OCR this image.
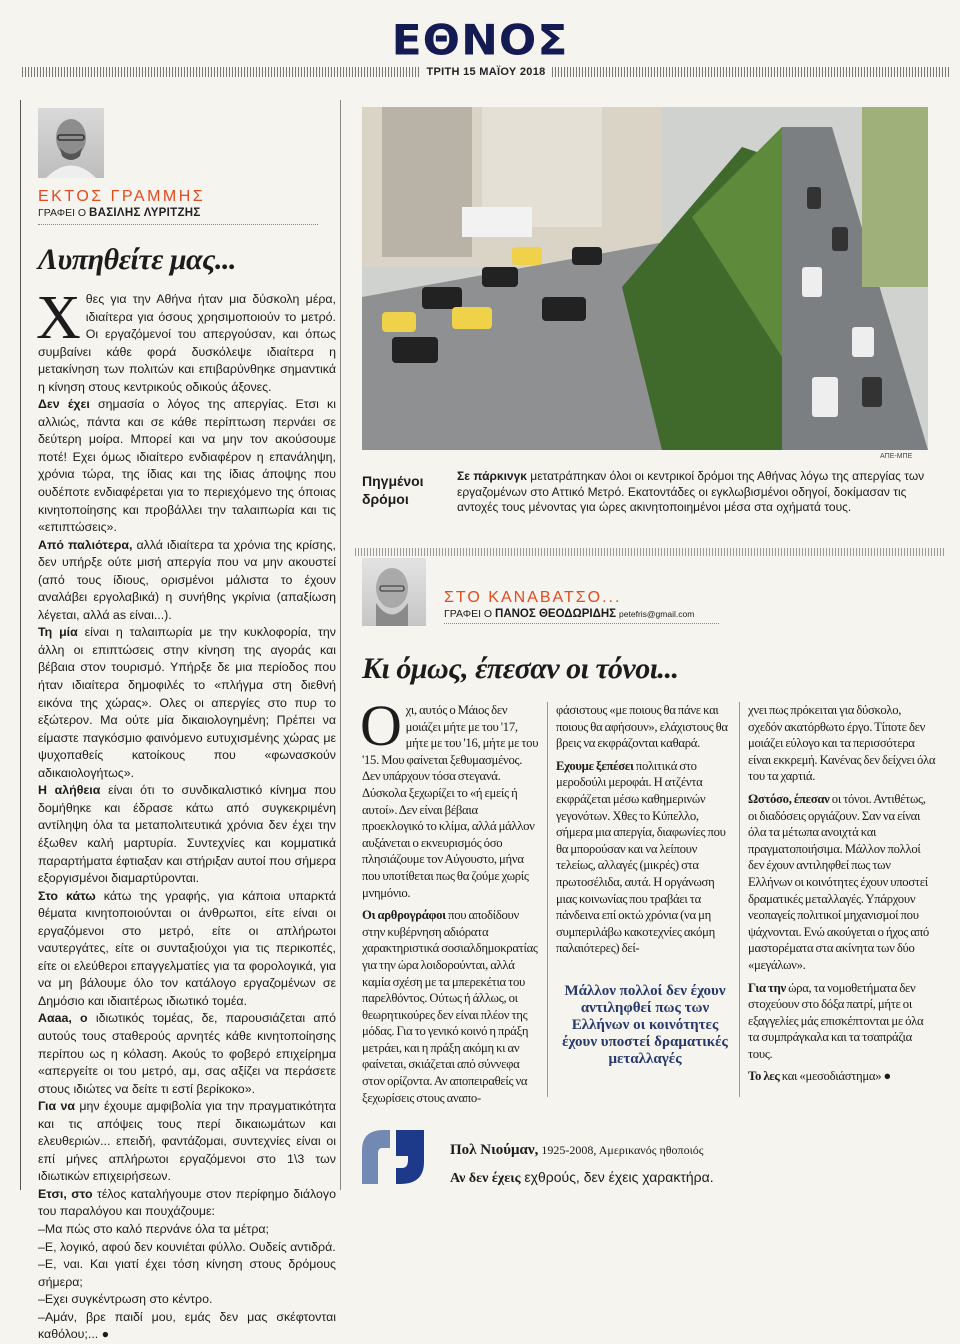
ΕΘΝΟΣ
ΤΡΙΤΗ 15 ΜΑΪΟΥ 2018
ΕΚΤΟΣ ΓΡΑΜΜΗΣ
ΓΡΑΦΕΙ Ο ΒΑΣΙΛΗΣ ΛΥΡΙΤΖΗΣ
Λυπηθείτε μας...

Χθες για την Αθήνα ήταν μια δύσκολη μέρα, ιδιαίτερα για όσους χρησιμοποιούν το μετρό. Οι εργαζόμενοί του απεργούσαν, και όπως συμβαίνει κάθε φορά δυσκόλεψε ιδιαίτερα η μετακίνηση των πολιτών και επιβαρύνθηκε σημαντικά η κίνηση στους κεντρικούς οδικούς άξονες.

Δεν έχει σημασία ο λόγος της απεργίας. Ετσι κι αλλιώς, πάντα και σε κάθε περίπτωση περνάει σε δεύτερη μοίρα. Μπορεί και να μην τον ακούσουμε ποτέ! Εχει όμως ιδιαίτερο ενδιαφέρον η επανάληψη, χρόνια τώρα, της ίδιας και της ίδιας άποψης που ουδέποτε ενδιαφέρεται για το περιεχόμενο της όποιας κινητοποίησης και προβάλλει την ταλαιπωρία και τις «επιπτώσεις».

Από παλιότερα, αλλά ιδιαίτερα τα χρόνια της κρίσης, δεν υπήρξε ούτε μισή απεργία που να μην ακουστεί (από τους ίδιους, ορισμένοι μάλιστα το έχουν αναλάβει εργολαβικά) η συνήθης γκρίνια (απαξίωση λέγεται, αλλά as είναι...).

Τη μία είναι η ταλαιπωρία με την κυκλοφορία, την άλλη οι επιπτώσεις στην κίνηση της αγοράς και βέβαια στον τουρισμό. Υπήρξε δε μια περίοδος που ήταν ιδιαίτερα δημοφιλές το «πλήγμα στη διεθνή εικόνα της χώρας». Ολες οι απεργίες στο πυρ το εξώτερον. Μα ούτε μία δικαιολογημένη; Πρέπει να είμαστε παγκόσμιο φαινόμενο ευτυχισμένης χώρας με ψυχοπαθείς κατοίκους που «φωνασκούν αδικαιολογήτως».

Η αλήθεια είναι ότι το συνδικαλιστικό κίνημα που δομήθηκε και έδρασε κάτω από συγκεκριμένη αντίληψη όλα τα μεταπολιτευτικά χρόνια δεν έχει την έξωθεν καλή μαρτυρία. Συντεχνίες και κομματικά παραρτήματα έφτιαξαν και στήριξαν αυτοί που σήμερα εξοργισμένοι διαμαρτύρονται.

Στο κάτω κάτω της γραφής, για κάποια υπαρκτά θέματα κινητοποιούνται οι άνθρωποι, είτε είναι οι εργαζόμενοι στο μετρό, είτε οι απλήρωτοι ναυτεργάτες, είτε οι συνταξιούχοι για τις περικοπές, είτε οι ελεύθεροι επαγγελματίες για τα φορολογικά, για να μη βάλουμε όλο τον κατάλογο εργαζομένων σε Δημόσιο και ιδιαιτέρως ιδιωτικό τομέα.

Ααaa, ο ιδιωτικός τομέας, δε, παρουσιάζεται από αυτούς τους σταθερούς αρνητές κάθε κινητοποίησης περίπου ως η κόλαση. Ακούς το φοβερό επιχείρημα «απεργείτε οι του μετρό, αμ, σας αξίζει να περάσετε στους ιδιώτες να δείτε τι εστί βερίκοκο».

Για να μην έχουμε αμφιβολία για την πραγματικότητα και τις απόψεις τους περί δικαιωμάτων και ελευθεριών... επειδή, φαντάζομαι, συντεχνίες είναι οι επί μήνες απλήρωτοι εργαζόμενοι στο 1\3 των ιδιωτικών επιχειρήσεων.

Ετσι, στο τέλος καταλήγουμε στον περίφημο διάλογο του παραλόγου και πουχάζουμε:

–Μα πώς στο καλό περνάνε όλα τα μέτρα;

–Ε, λογικό, αφού δεν κουνιέται φύλλο. Ουδείς αντιδρά.

–Ε, ναι. Και γιατί έχει τόση κίνηση στους δρόμους σήμερα;

–Εχει συγκέντρωση στο κέντρο.

–Αμάν, βρε παιδί μου, εμάς δεν μας σκέφτονται καθόλου;... ●

ΑΠΕ-ΜΠΕ
Πηγμένοι δρόμοι
Σε πάρκινγκ μετατράπηκαν όλοι οι κεντρικοί δρόμοι της Αθήνας λόγω της απεργίας των εργαζομένων στο Αττικό Μετρό. Εκατοντάδες οι εγκλωβισμένοι οδηγοί, δοκίμασαν τις αντοχές τους μένοντας για ώρες ακινητοποιημένοι μέσα στα οχήματά τους.
ΣΤΟ ΚΑΝΑΒΑΤΣΟ...
ΓΡΑΦΕΙ Ο ΠΑΝΟΣ ΘΕΟΔΩΡΙΔΗΣ petefris@gmail.com
Κι όμως, έπεσαν οι τόνοι...

Οχι, αυτός ο Μάιος δεν μοιάζει μήτε με του '17, μήτε με του '16, μήτε με του '15. Μου φαίνεται ξεθυμασμένος. Δεν υπάρχουν τόσα στεγανά. Δύσκολα ξεχωρίζει το «ή εμείς ή αυτοί». Δεν είναι βέβαια προεκλογικό το κλίμα, αλλά μάλλον αυξάνεται ο εκνευρισμός όσο πλησιάζουμε τον Αύγουστο, μήνα που υποτίθεται πως θα ζούμε χωρίς μνημόνιο.

Οι αρθρογράφοι που αποδίδουν στην κυβέρνηση αδιόρατα χαρακτηριστικά σοσιαλδημοκρατίας για την ώρα λοιδορούνται, αλλά καμία σχέση με τα μπερεκέτια του παρελθόντος. Ούτως ή άλλως, οι θεωρητικούρες δεν είναι πλέον της μόδας. Για το γενικό κοινό η πράξη μετράει, και η πράξη ακόμη κι αν φαίνεται, σκιάζεται από σύννεφα στον ορίζοντα. Αν αποπειραθείς να ξεχωρίσεις στους αναπο-

φάσιστους «με ποιους θα πάνε και ποιους θα αφήσουν», ελάχιστους θα βρεις να εκφράζονται καθαρά.

Εχουμε ξεπέσει πολιτικά στο μεροδούλι μεροφάι. Η ατζέντα εκφράζεται μέσω καθημερινών γεγονότων. Χθες το Κύπελλο, σήμερα μια απεργία, διαφωνίες που θα μπορούσαν και να λείπουν τελείως, αλλαγές (μικρές) στα πρωτοσέλιδα, αυτά. Η οργάνωση μιας κοινωνίας που τραβάει τα πάνδεινα επί οκτώ χρόνια (να μη συμπεριλάβω κακοτεχνίες ακόμη παλαιότερες) δεί-

Μάλλον πολλοί δεν έχουν αντιληφθεί πως των Ελλήνων οι κοινότητες έχουν υποστεί δραματικές μεταλλαγές

χνει πως πρόκειται για δύσκολο, σχεδόν ακατόρθωτο έργο. Τίποτε δεν μοιάζει εύλογο και τα περισσότερα είναι εκκρεμή. Κανένας δεν δείχνει όλα του τα χαρτιά.

Ωστόσο, έπεσαν οι τόνοι. Αντιθέτως, οι διαδόσεις οργιάζουν. Σαν να είναι όλα τα μέτωπα ανοιχτά και πραγματοποιήσιμα. Μάλλον πολλοί δεν έχουν αντιληφθεί πως των Ελλήνων οι κοινότητες έχουν υποστεί δραματικές μεταλλαγές. Υπάρχουν νεοπαγείς πολιτικοί μηχανισμοί που ψάχνονται. Ενώ ακούγεται ο ήχος από μαστορέματα στα ακίνητα των δύο «μεγάλων».

Για την ώρα, τα νομοθετήματα δεν στοχεύουν στο δόξα πατρί, μήτε οι εξαγγελίες μάς επισκέπτονται με όλα τα συμπράγκαλα και τα τσαπράζια τους.

Το λες και «μεσοδιάστημα» ●

Πολ Νιούμαν, 1925-2008, Αμερικανός ηθοποιός
Αν δεν έχεις εχθρούς, δεν έχεις χαρακτήρα.
